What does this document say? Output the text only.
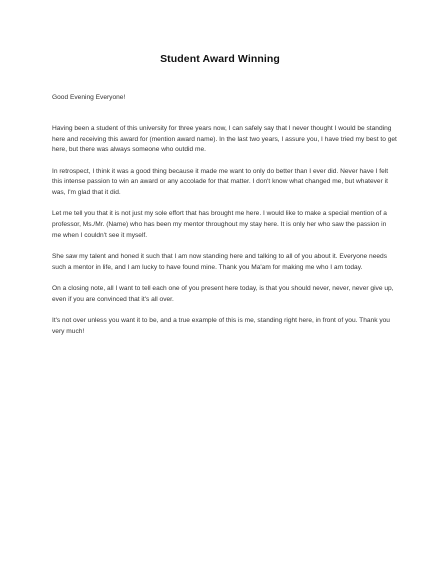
Student Award Winning

Good Evening Everyone!

Having been a student of this university for three years now, I can safely say that I never thought I would be standing here and receiving this award for (mention award name). In the last two years, I assure you, I have tried my best to get here, but there was always someone who outdid me.

In retrospect, I think it was a good thing because it made me want to only do better than I ever did. Never have I felt this intense passion to win an award or any accolade for that matter. I don't know what changed me, but whatever it was, I'm glad that it did.

Let me tell you that it is not just my sole effort that has brought me here. I would like to make a special mention of a professor, Ms./Mr. (Name) who has been my mentor throughout my stay here. It is only her who saw the passion in me when I couldn't see it myself.

She saw my talent and honed it such that I am now standing here and talking to all of you about it. Everyone needs such a mentor in life, and I am lucky to have found mine. Thank you Ma'am for making me who I am today.

On a closing note, all I want to tell each one of you present here today, is that you should never, never, never give up, even if you are convinced that it's all over.

It's not over unless you want it to be, and a true example of this is me, standing right here, in front of you. Thank you very much!
